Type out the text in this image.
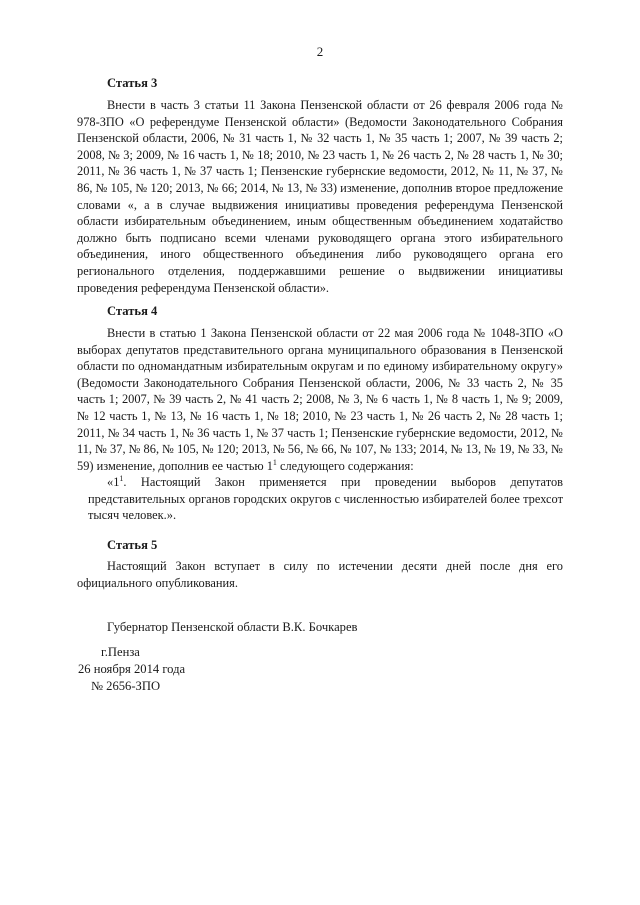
2
Статья 3

Внести в часть 3 статьи 11 Закона Пензенской области от 26 февраля 2006 года № 978-ЗПО «О референдуме Пензенской области» (Ведомости Законодательного Собрания Пензенской области, 2006, № 31 часть 1, № 32 часть 1, № 35 часть 1; 2007, № 39 часть 2; 2008, № 3; 2009, № 16 часть 1, № 18; 2010, № 23 часть 1, № 26 часть 2, № 28 часть 1, № 30; 2011, № 36 часть 1, № 37 часть 1; Пензенские губернские ведомости, 2012, № 11, № 37, № 86, № 105, № 120; 2013, № 66; 2014, № 13, № 33) изменение, дополнив второе предложение словами «, а в случае выдвижения инициативы проведения референдума Пензенской области избирательным объединением, иным общественным объединением ходатайство должно быть подписано всеми членами руководящего органа этого избирательного объединения, иного общественного объединения либо руководящего органа его регионального отделения, поддержавшими решение о выдвижении инициативы проведения референдума Пензенской области».

Статья 4

Внести в статью 1 Закона Пензенской области от 22 мая 2006 года № 1048-ЗПО «О выборах депутатов представительного органа муниципального образования в Пензенской области по одномандатным избирательным округам и по единому избирательному округу» (Ведомости Законодательного Собрания Пензенской области, 2006, № 33 часть 2, № 35 часть 1; 2007, № 39 часть 2, № 41 часть 2; 2008, № 3, № 6 часть 1, № 8 часть 1, № 9; 2009, № 12 часть 1, № 13, № 16 часть 1, № 18; 2010, № 23 часть 1, № 26 часть 2, № 28 часть 1; 2011, № 34 часть 1, № 36 часть 1, № 37 часть 1; Пензенские губернские ведомости, 2012, № 11, № 37, № 86, № 105, № 120; 2013, № 56, № 66, № 107, № 133; 2014, № 13, № 19, № 33, № 59) изменение, дополнив ее частью $1^1$ следующего содержания:

«$1^1$. Настоящий Закон применяется при проведении выборов депутатов
представительных органов городских округов с численностью избирателей более трехсот тысяч человек.».
Статья 5

Настоящий Закон вступает в силу по истечении десяти дней после дня его официального опубликования.

Губернатор Пензенской области В.К. Бочкарев
г.Пенза
26 ноября 2014 года
№ 2656-ЗПО
